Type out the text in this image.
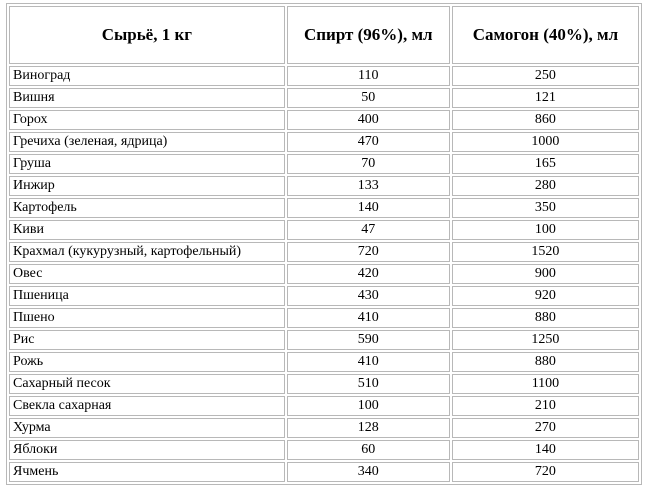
Сырьё, 1 кг	Спирт (96%), мл	Самогон (40%), мл
Виноград	110	250
Вишня	50	121
Горох	400	860
Гречиха (зеленая, ядрица)	470	1000
Груша	70	165
Инжир	133	280
Картофель	140	350
Киви	47	100
Крахмал (кукурузный, картофельный)	720	1520
Овес	420	900
Пшеница	430	920
Пшено	410	880
Рис	590	1250
Рожь	410	880
Сахарный песок	510	1100
Свекла сахарная	100	210
Хурма	128	270
Яблоки	60	140
Ячмень	340	720
